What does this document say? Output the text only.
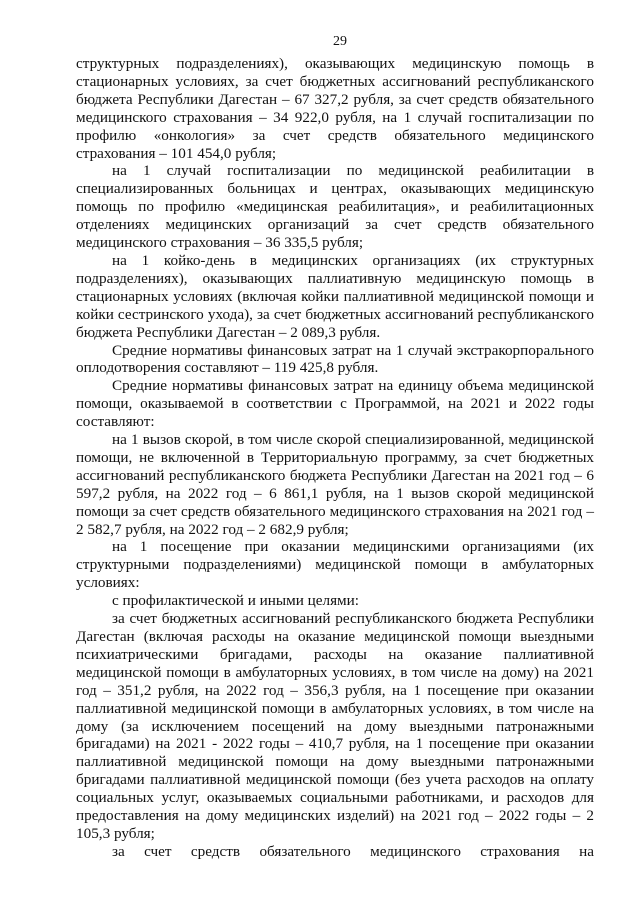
29

структурных подразделениях), оказывающих медицинскую помощь в стационарных условиях, за счет бюджетных ассигнований республиканского бюджета Республики Дагестан – 67 327,2 рубля, за счет средств обязательного медицинского страхования – 34 922,0 рубля, на 1 случай госпитализации по профилю «онкология» за счет средств обязательного медицинского страхования – 101 454,0 рубля;

на 1 случай госпитализации по медицинской реабилитации в специализированных больницах и центрах, оказывающих медицинскую помощь по профилю «медицинская реабилитация», и реабилитационных отделениях медицинских организаций за счет средств обязательного медицинского страхования – 36 335,5 рубля;

на 1 койко-день в медицинских организациях (их структурных подразделениях), оказывающих паллиативную медицинскую помощь в стационарных условиях (включая койки паллиативной медицинской помощи и койки сестринского ухода), за счет бюджетных ассигнований республиканского бюджета Республики Дагестан – 2 089,3 рубля.

Средние нормативы финансовых затрат на 1 случай экстракорпорального оплодотворения составляют – 119 425,8 рубля.

Средние нормативы финансовых затрат на единицу объема медицинской помощи, оказываемой в соответствии с Программой, на 2021 и 2022 годы составляют:

на 1 вызов скорой, в том числе скорой специализированной, медицинской помощи, не включенной в Территориальную программу, за счет бюджетных ассигнований республиканского бюджета Республики Дагестан на 2021 год – 6 597,2 рубля, на 2022 год – 6 861,1 рубля, на 1 вызов скорой медицинской помощи за счет средств обязательного медицинского страхования на 2021 год – 2 582,7 рубля, на 2022 год – 2 682,9 рубля;

на 1 посещение при оказании медицинскими организациями (их структурными подразделениями) медицинской помощи в амбулаторных условиях:

с профилактической и иными целями:

за счет бюджетных ассигнований республиканского бюджета Республики Дагестан (включая расходы на оказание медицинской помощи выездными психиатрическими бригадами, расходы на оказание паллиативной медицинской помощи в амбулаторных условиях, в том числе на дому) на 2021 год – 351,2 рубля, на 2022 год – 356,3 рубля, на 1 посещение при оказании паллиативной медицинской помощи в амбулаторных условиях, в том числе на дому (за исключением посещений на дому выездными патронажными бригадами) на 2021 - 2022 годы – 410,7 рубля, на 1 посещение при оказании паллиативной медицинской помощи на дому выездными патронажными бригадами паллиативной медицинской помощи (без учета расходов на оплату социальных услуг, оказываемых социальными работниками, и расходов для предоставления на дому медицинских изделий) на 2021 год – 2022 годы – 2 105,3 рубля;

за счет средств обязательного медицинского страхования на
